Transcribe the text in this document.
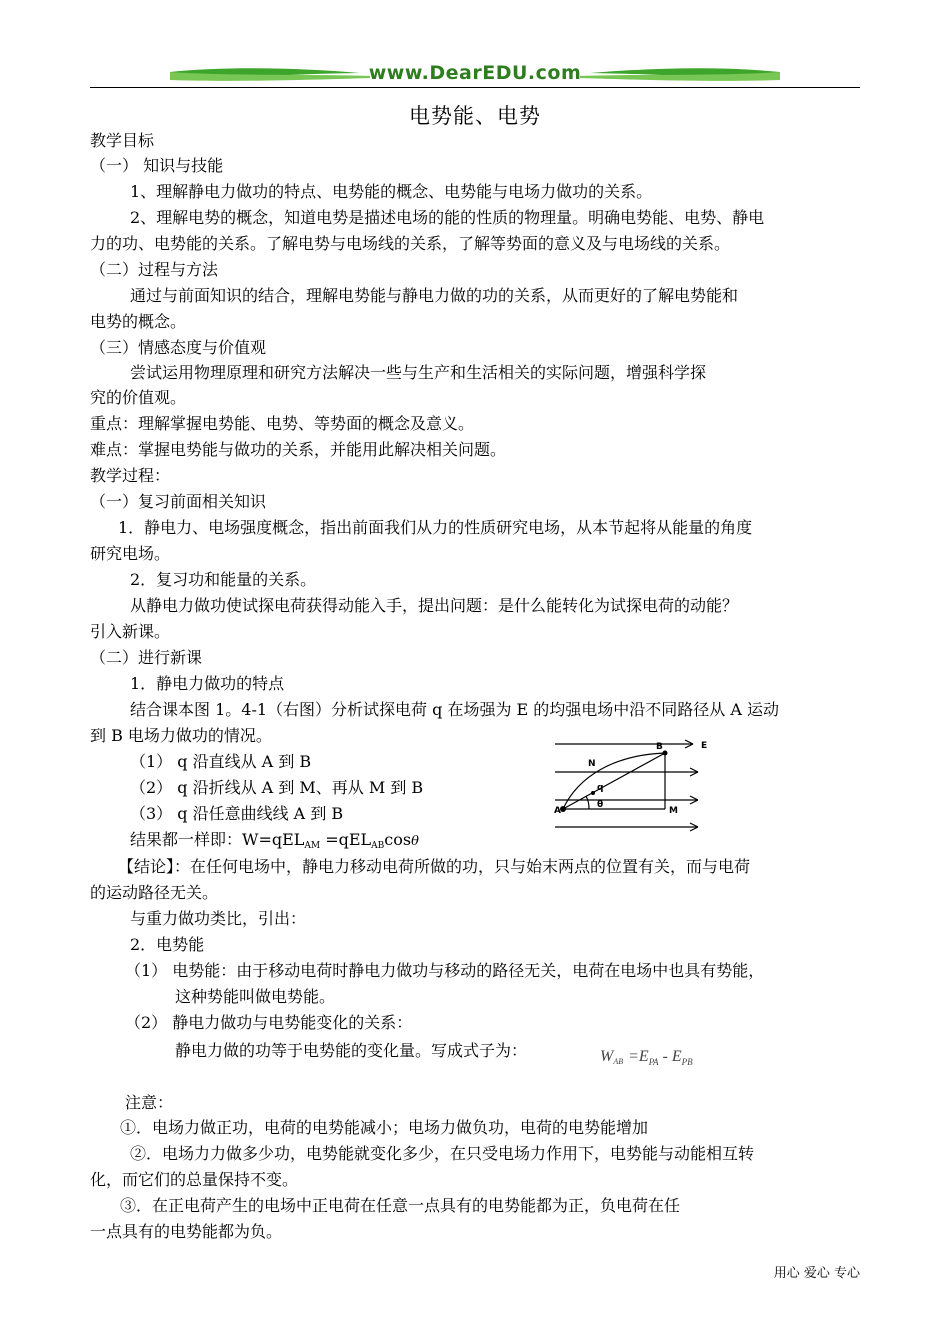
www.DearEDU.com
电势能、电势
教学目标
（一） 知识与技能
1、理解静电力做功的特点、电势能的概念、电势能与电场力做功的关系。
2、理解电势的概念，知道电势是描述电场的能的性质的物理量。明确电势能、电势、静电
力的功、电势能的关系。了解电势与电场线的关系，了解等势面的意义及与电场线的关系。
（二）过程与方法
通过与前面知识的结合，理解电势能与静电力做的功的关系，从而更好的了解电势能和
电势的概念。
（三）情感态度与价值观
尝试运用物理原理和研究方法解决一些与生产和生活相关的实际问题，增强科学探
究的价值观。
重点：理解掌握电势能、电势、等势面的概念及意义。
难点：掌握电势能与做功的关系，并能用此解决相关问题。
教学过程：
（一）复习前面相关知识
1．静电力、电场强度概念，指出前面我们从力的性质研究电场，从本节起将从能量的角度
研究电场。
2．复习功和能量的关系。
从静电力做功使试探电荷获得动能入手，提出问题：是什么能转化为试探电荷的动能？
引入新课。
（二）进行新课
1．静电力做功的特点
结合课本图 1。4-1（右图）分析试探电荷 q 在场强为 E 的均强电场中沿不同路径从 A 运动
到 B 电场力做功的情况。
（1） q 沿直线从 A 到 B
（2） q 沿折线从 A 到 M、再从 M 到 B
（3） q 沿任意曲线线 A 到 B
结果都一样即：W=qELAM =qELABcosθ
【结论】：在任何电场中，静电力移动电荷所做的功，只与始末两点的位置有关，而与电荷
的运动路径无关。
与重力做功类比，引出：
2．电势能
（1） 电势能：由于移动电荷时静电力做功与移动的路径无关，电荷在电场中也具有势能，
这种势能叫做电势能。
（2） 静电力做功与电势能变化的关系：
静电力做的功等于电势能的变化量。写成式子为：	$W_{AB} =E_{PA} - E_{PB}$
注意：
①．电场力做正功，电荷的电势能减小；电场力做负功，电荷的电势能增加
②．电场力力做多少功，电势能就变化多少，在只受电场力作用下，电势能与动能相互转
化，而它们的总量保持不变。
③．在正电荷产生的电场中正电荷在任意一点具有的电势能都为正，负电荷在任
一点具有的电势能都为负。
E
B
N
q
θ
A	M
用心 爱心 专心
